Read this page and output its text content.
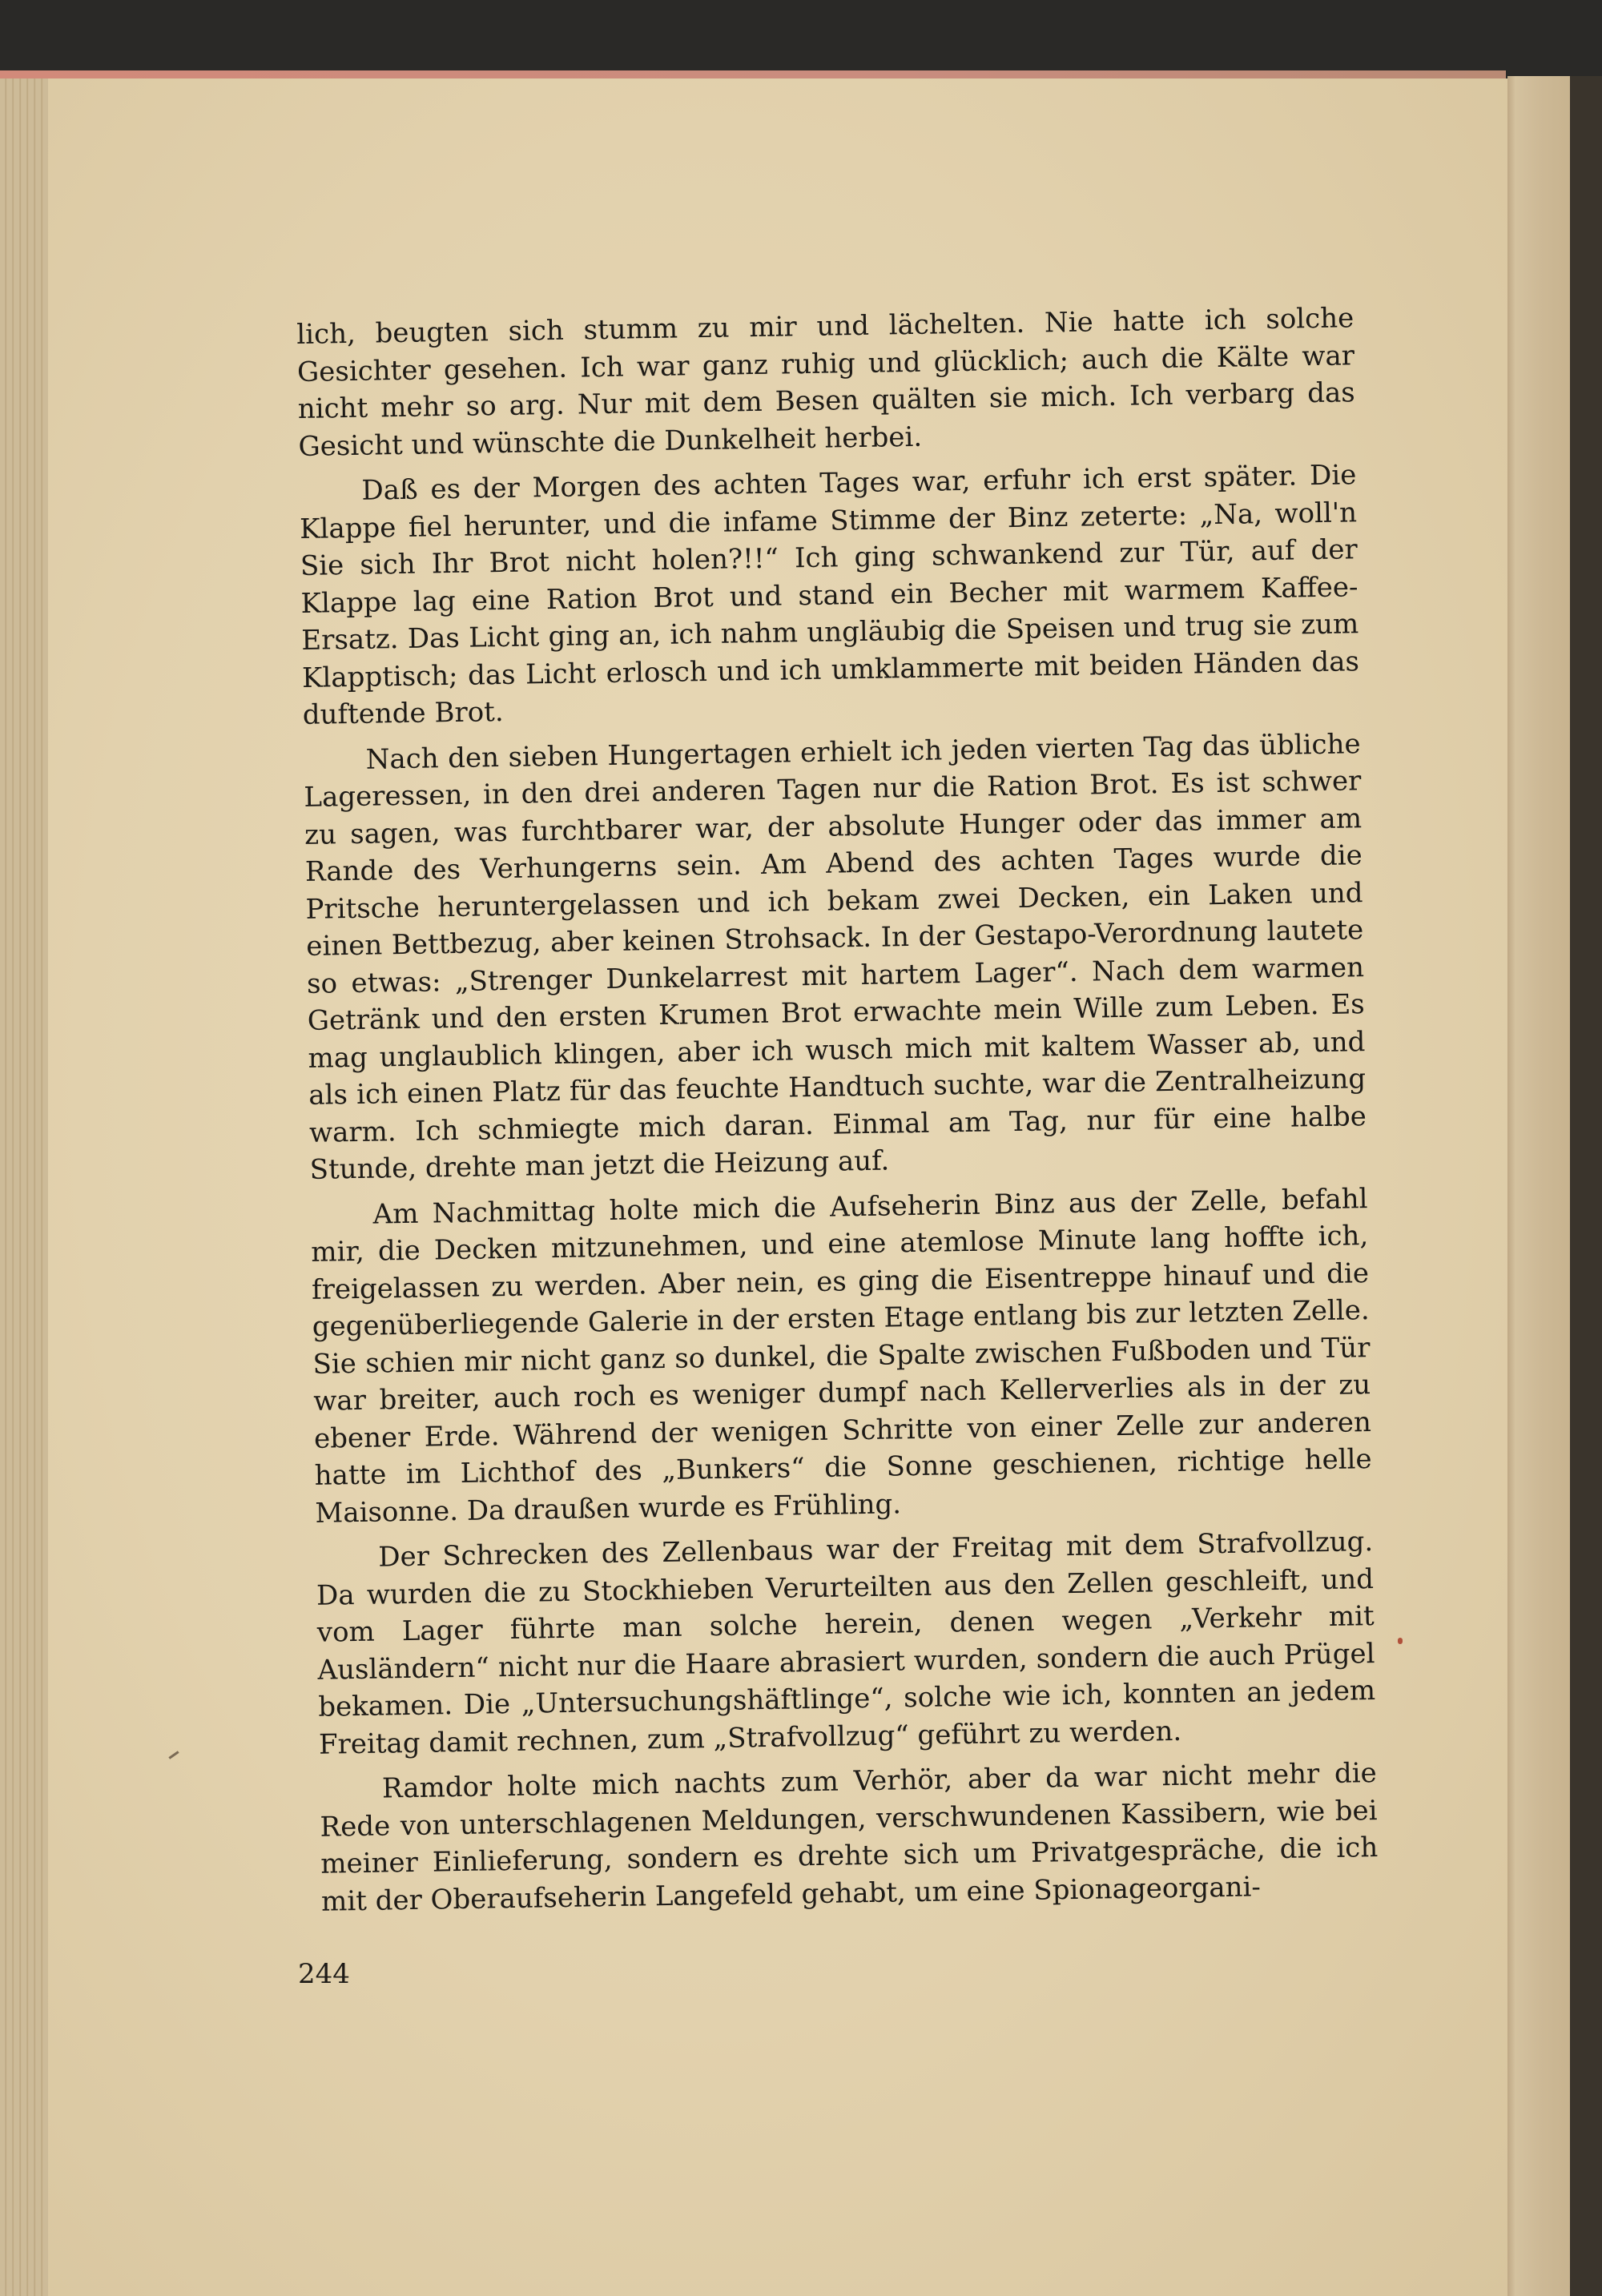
lich, beugten sich stumm zu mir und lächelten. Nie hatte ich solche Gesichter gesehen. Ich war ganz ruhig und glücklich; auch die Kälte war nicht mehr so arg. Nur mit dem Besen quälten sie mich. Ich verbarg das Gesicht und wünschte die Dunkelheit herbei.

Daß es der Morgen des achten Tages war, erfuhr ich erst später. Die Klappe fiel herunter, und die infame Stimme der Binz zeterte: „Na, woll'n Sie sich Ihr Brot nicht holen?!!“ Ich ging schwankend zur Tür, auf der Klappe lag eine Ration Brot und stand ein Becher mit warmem Kaffee-Ersatz. Das Licht ging an, ich nahm ungläubig die Speisen und trug sie zum Klapptisch; das Licht erlosch und ich umklammerte mit beiden Händen das duftende Brot.

Nach den sieben Hungertagen erhielt ich jeden vierten Tag das übliche Lageressen, in den drei anderen Tagen nur die Ration Brot. Es ist schwer zu sagen, was furchtbarer war, der absolute Hunger oder das immer am Rande des Verhungerns sein. Am Abend des achten Tages wurde die Pritsche heruntergelassen und ich bekam zwei Decken, ein Laken und einen Bettbezug, aber keinen Strohsack. In der Gestapo-Verordnung lautete so etwas: „Strenger Dunkelarrest mit hartem Lager“. Nach dem warmen Getränk und den ersten Krumen Brot erwachte mein Wille zum Leben. Es mag unglaublich klingen, aber ich wusch mich mit kaltem Wasser ab, und als ich einen Platz für das feuchte Handtuch suchte, war die Zentralheizung warm. Ich schmiegte mich daran. Einmal am Tag, nur für eine halbe Stunde, drehte man jetzt die Heizung auf.

Am Nachmittag holte mich die Aufseherin Binz aus der Zelle, befahl mir, die Decken mitzunehmen, und eine atemlose Minute lang hoffte ich, freigelassen zu werden. Aber nein, es ging die Eisentreppe hinauf und die gegenüberliegende Galerie in der ersten Etage entlang bis zur letzten Zelle. Sie schien mir nicht ganz so dunkel, die Spalte zwischen Fußboden und Tür war breiter, auch roch es weniger dumpf nach Kellerverlies als in der zu ebener Erde. Während der wenigen Schritte von einer Zelle zur anderen hatte im Lichthof des „Bunkers“ die Sonne geschienen, richtige helle Maisonne. Da draußen wurde es Frühling.

Der Schrecken des Zellenbaus war der Freitag mit dem Strafvollzug. Da wurden die zu Stockhieben Verurteilten aus den Zellen geschleift, und vom Lager führte man solche herein, denen wegen „Verkehr mit Ausländern“ nicht nur die Haare abrasiert wurden, sondern die auch Prügel bekamen. Die „Untersuchungshäftlinge“, solche wie ich, konnten an jedem Freitag damit rechnen, zum „Strafvollzug“ geführt zu werden.

Ramdor holte mich nachts zum Verhör, aber da war nicht mehr die Rede von unterschlagenen Meldungen, verschwundenen Kassibern, wie bei meiner Einlieferung, sondern es drehte sich um Privatgespräche, die ich mit der Oberaufseherin Langefeld gehabt, um eine Spionageorgani-

244
